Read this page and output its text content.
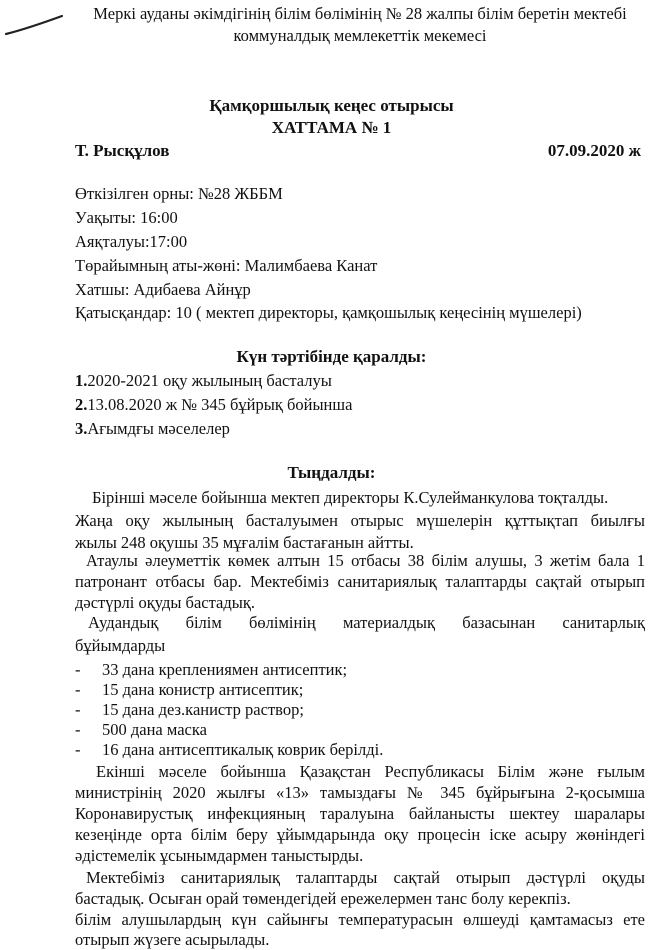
Меркі ауданы әкімдігінің білім бөлімінің № 28 жалпы білім беретін мектебі
коммуналдық мемлекеттік мекемесі
Қамқоршылық кеңес отырысы
ХАТТАМА № 1
Т. Рысқұлов	07.09.2020 ж
Өткізілген орны: №28 ЖББМ
Уақыты: 16:00
Аяқталуы:17:00
Төрайымның аты-жөні: Малимбаева Канат
Хатшы: Адибаева Айнұр
Қатысқандар: 10 ( мектеп директоры, қамқошылық кеңесінің мүшелері)
Күн тәртібінде қаралды:
1.2020-2021 оқу жылының басталуы
2.13.08.2020 ж № 345 бұйрық бойынша
3.Ағымдғы мәселелер
Тыңдалды:
Бірінші мәселе бойынша мектеп директоры К.Сулейманкулова тоқталды.
Жаңа оқу жылының басталуымен отырыс мүшелерін құттықтап биылғы
жылы 248 оқушы 35 мұғалім бастағанын айтты.
Атаулы әлеуметтік көмек алтын 15 отбасы 38 білім алушы, 3 жетім бала 1
патронант отбасы бар. Мектебіміз санитариялық талаптарды сақтай отырып
дәстүрлі оқуды бастадық.
Аудандық білім бөлімінің материалдық базасынан санитарлық
бұйымдарды
- 33 дана креплениямен антисептик;
- 15 дана конистр антисептик;
- 15 дана дез.канистр раствор;
- 500 дана маска
- 16 дана антисептикалық коврик берілді.
Екінші мәселе бойынша Қазақстан Республикасы Білім және ғылым
министрінің 2020 жылғы «13» тамыздағы № 345 бұйрығына 2-қосымша
Коронавирустық инфекцияның таралуына байланысты шектеу шаралары
кезеңінде орта білім беру ұйымдарында оқу процесін іске асыру жөніндегі
әдістемелік ұсынымдармен таныстырды.
Мектебіміз санитариялық талаптарды сақтай отырып дәстүрлі оқуды
бастадық. Осыған орай төмендегідей ережелермен танс болу керекпіз.
білім алушылардың күн сайынғы температурасын өлшеуді қамтамасыз ете
отырып жүзеге асырылады.
